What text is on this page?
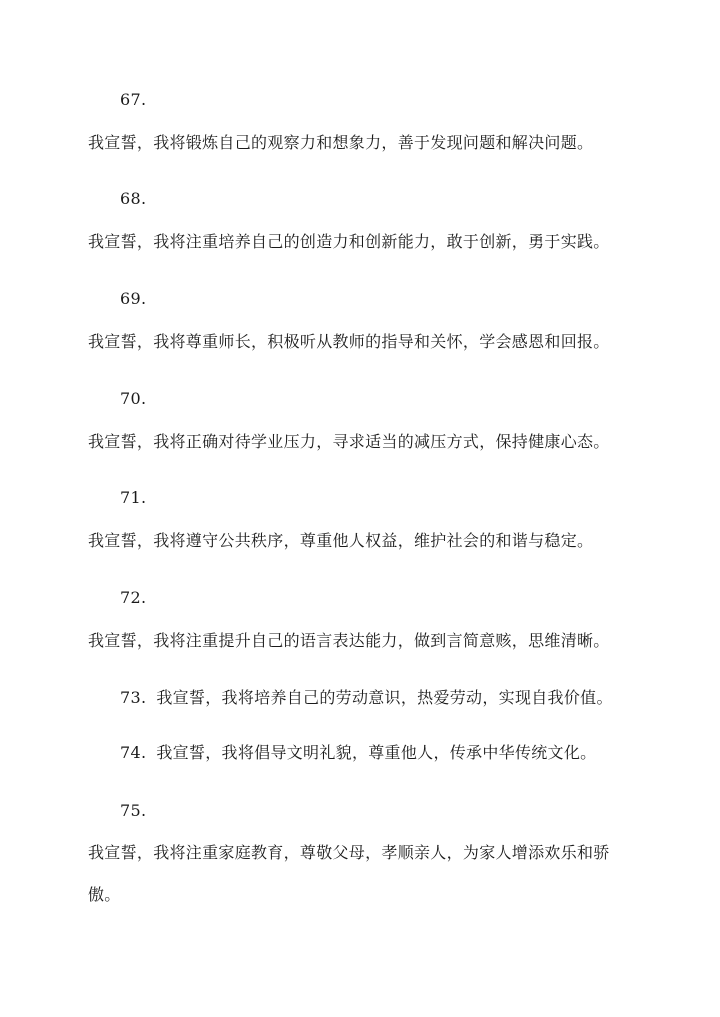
67.
我宣誓，我将锻炼自己的观察力和想象力，善于发现问题和解决问题。
68.
我宣誓，我将注重培养自己的创造力和创新能力，敢于创新，勇于实践。
69.
我宣誓，我将尊重师长，积极听从教师的指导和关怀，学会感恩和回报。
70.
我宣誓，我将正确对待学业压力，寻求适当的减压方式，保持健康心态。
71.
我宣誓，我将遵守公共秩序，尊重他人权益，维护社会的和谐与稳定。
72.
我宣誓，我将注重提升自己的语言表达能力，做到言简意赅，思维清晰。
73. 我宣誓，我将培养自己的劳动意识，热爱劳动，实现自我价值。
74. 我宣誓，我将倡导文明礼貌，尊重他人，传承中华传统文化。
75.
我宣誓，我将注重家庭教育，尊敬父母，孝顺亲人，为家人增添欢乐和骄
傲。
